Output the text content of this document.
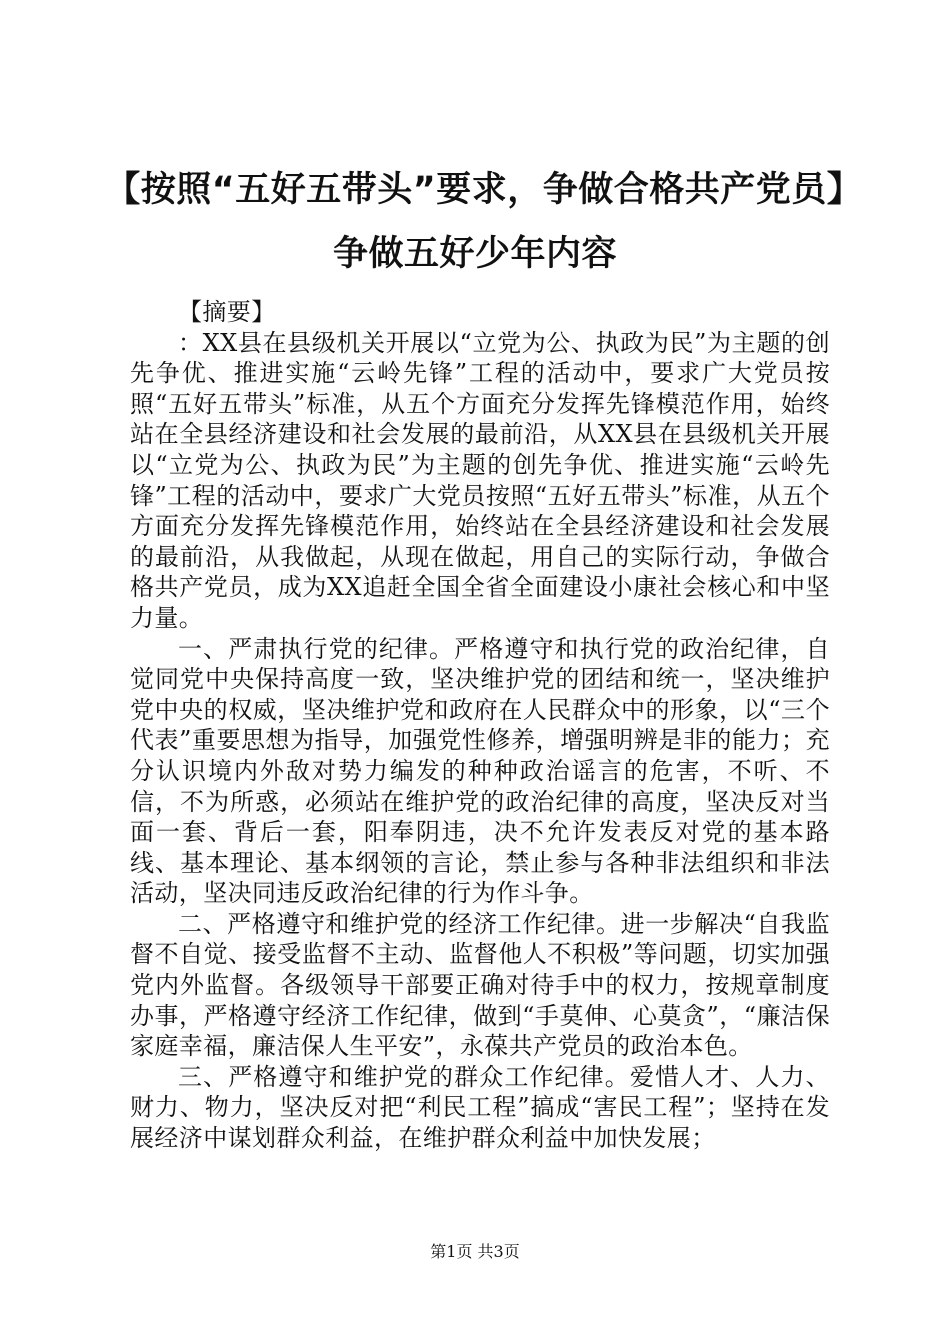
【按照“五好五带头”要求，争做合格共产党员】争做五好少年内容

【摘要】

：XX县在县级机关开展以“立党为公、执政为民”为主题的创先争优、推进实施“云岭先锋”工程的活动中，要求广大党员按照“五好五带头”标准，从五个方面充分发挥先锋模范作用，始终站在全县经济建设和社会发展的最前沿，从XX县在县级机关开展以“立党为公、执政为民”为主题的创先争优、推进实施“云岭先锋”工程的活动中，要求广大党员按照“五好五带头”标准，从五个方面充分发挥先锋模范作用，始终站在全县经济建设和社会发展的最前沿，从我做起，从现在做起，用自己的实际行动，争做合格共产党员，成为XX追赶全国全省全面建设小康社会核心和中坚力量。

一、严肃执行党的纪律。严格遵守和执行党的政治纪律，自觉同党中央保持高度一致，坚决维护党的团结和统一，坚决维护党中央的权威，坚决维护党和政府在人民群众中的形象，以“三个代表”重要思想为指导，加强党性修养，增强明辨是非的能力；充分认识境内外敌对势力编发的种种政治谣言的危害，不听、不信，不为所惑，必须站在维护党的政治纪律的高度，坚决反对当面一套、背后一套，阳奉阴违，决不允许发表反对党的基本路线、基本理论、基本纲领的言论，禁止参与各种非法组织和非法活动，坚决同违反政治纪律的行为作斗争。

二、严格遵守和维护党的经济工作纪律。进一步解决“自我监督不自觉、接受监督不主动、监督他人不积极”等问题，切实加强党内外监督。各级领导干部要正确对待手中的权力，按规章制度办事，严格遵守经济工作纪律，做到“手莫伸、心莫贪”，“廉洁保家庭幸福，廉洁保人生平安”，永葆共产党员的政治本色。

三、严格遵守和维护党的群众工作纪律。爱惜人才、人力、财力、物力，坚决反对把“利民工程”搞成“害民工程”；坚持在发展经济中谋划群众利益，在维护群众利益中加快发展；

第1页 共3页
